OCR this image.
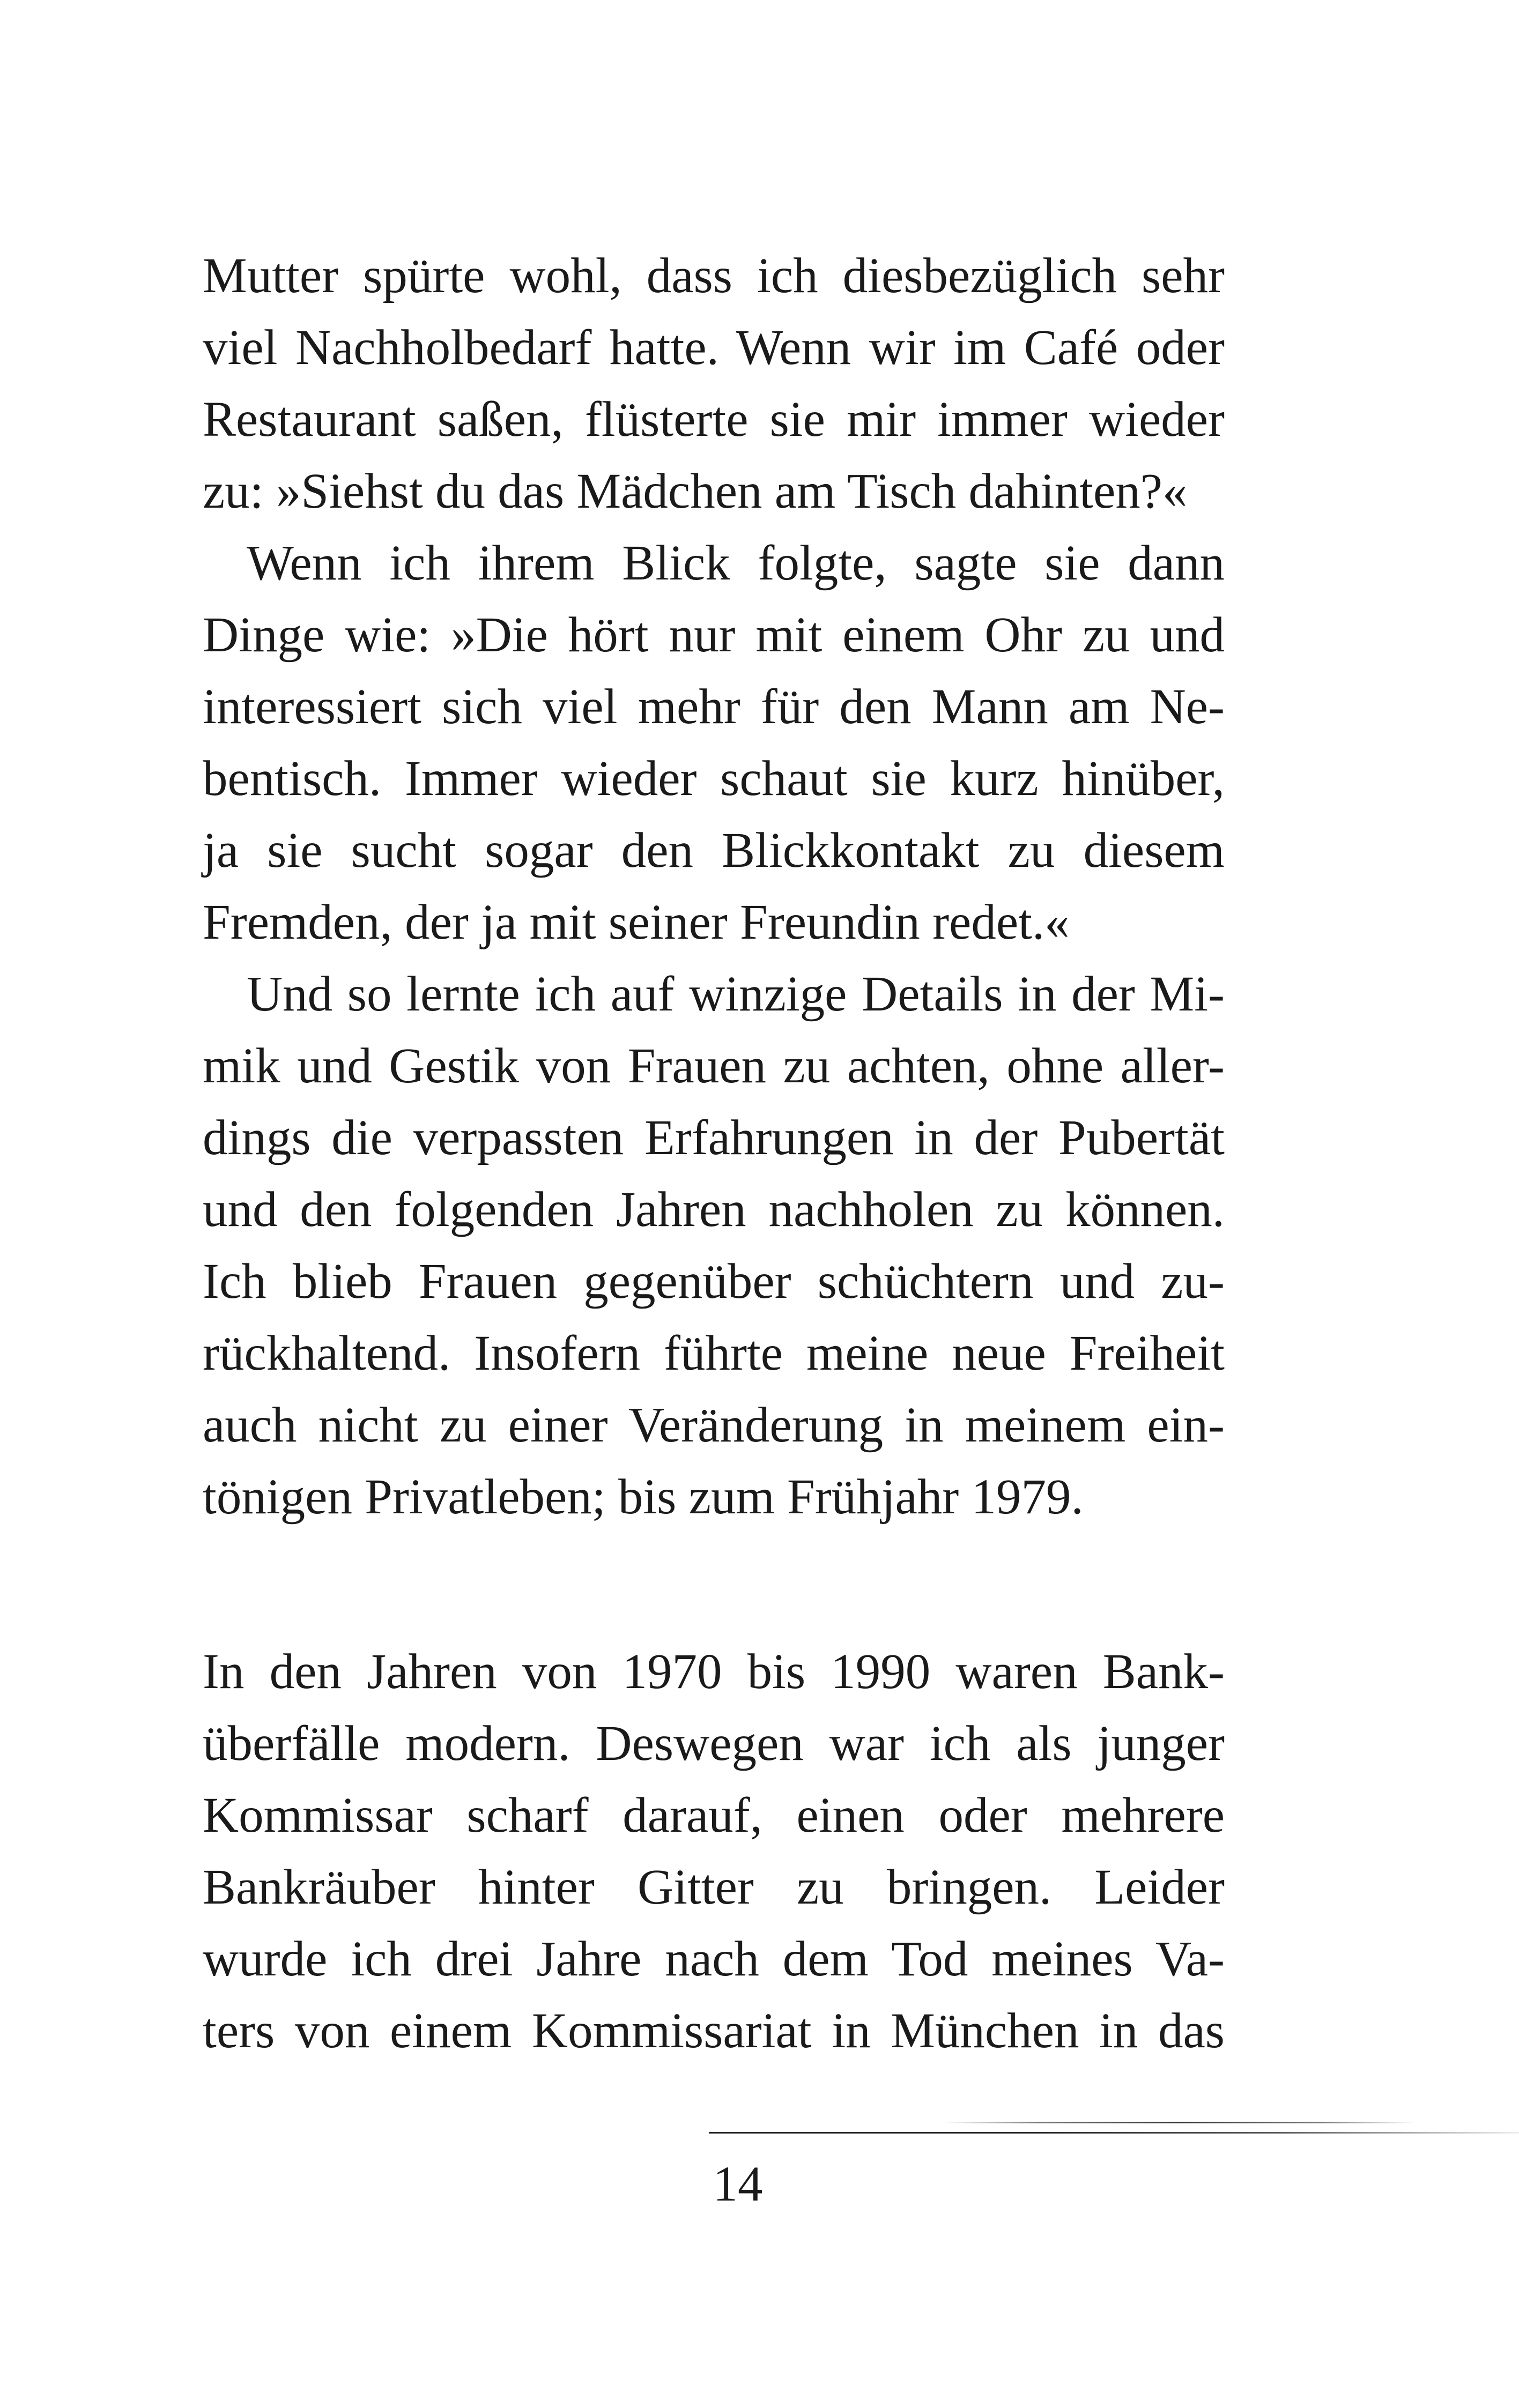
Mutter spürte wohl, dass ich diesbezüglich sehr
viel Nachholbedarf hatte. Wenn wir im Café oder
Restaurant saßen, flüsterte sie mir immer wieder
zu: »Siehst du das Mädchen am Tisch dahinten?«
Wenn ich ihrem Blick folgte, sagte sie dann
Dinge wie: »Die hört nur mit einem Ohr zu und
interessiert sich viel mehr für den Mann am Ne-
bentisch. Immer wieder schaut sie kurz hinüber,
ja sie sucht sogar den Blickkontakt zu diesem
Fremden, der ja mit seiner Freundin redet.«
Und so lernte ich auf winzige Details in der Mi-
mik und Gestik von Frauen zu achten, ohne aller-
dings die verpassten Erfahrungen in der Pubertät
und den folgenden Jahren nachholen zu können.
Ich blieb Frauen gegenüber schüchtern und zu-
rückhaltend. Insofern führte meine neue Freiheit
auch nicht zu einer Veränderung in meinem ein-
tönigen Privatleben; bis zum Frühjahr 1979.
In den Jahren von 1970 bis 1990 waren Bank-
überfälle modern. Deswegen war ich als junger
Kommissar scharf darauf, einen oder mehrere
Bankräuber hinter Gitter zu bringen. Leider
wurde ich drei Jahre nach dem Tod meines Va-
ters von einem Kommissariat in München in das
14
